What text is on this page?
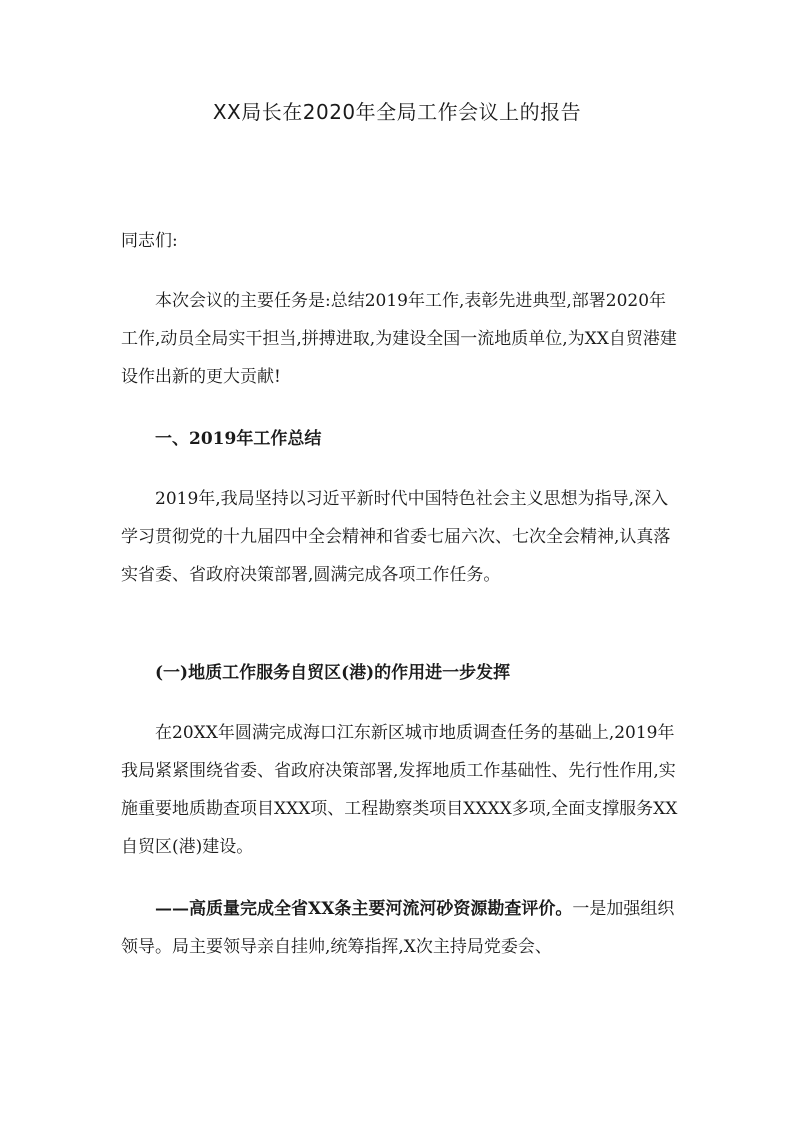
XX局长在2020年全局工作会议上的报告

同志们:

本次会议的主要任务是:总结2019年工作,表彰先进典型,部署2020年工作,动员全局实干担当,拼搏进取,为建设全国一流地质单位,为XX自贸港建设作出新的更大贡献!

一、2019年工作总结

2019年,我局坚持以习近平新时代中国特色社会主义思想为指导,深入学习贯彻党的十九届四中全会精神和省委七届六次、七次全会精神,认真落实省委、省政府决策部署,圆满完成各项工作任务。

(一)地质工作服务自贸区(港)的作用进一步发挥

在20XX年圆满完成海口江东新区城市地质调查任务的基础上,2019年我局紧紧围绕省委、省政府决策部署,发挥地质工作基础性、先行性作用,实施重要地质勘查项目XXX项、工程勘察类项目XXXX多项,全面支撑服务XX自贸区(港)建设。

——高质量完成全省XX条主要河流河砂资源勘查评价。一是加强组织领导。局主要领导亲自挂帅,统筹指挥,X次主持局党委会、
